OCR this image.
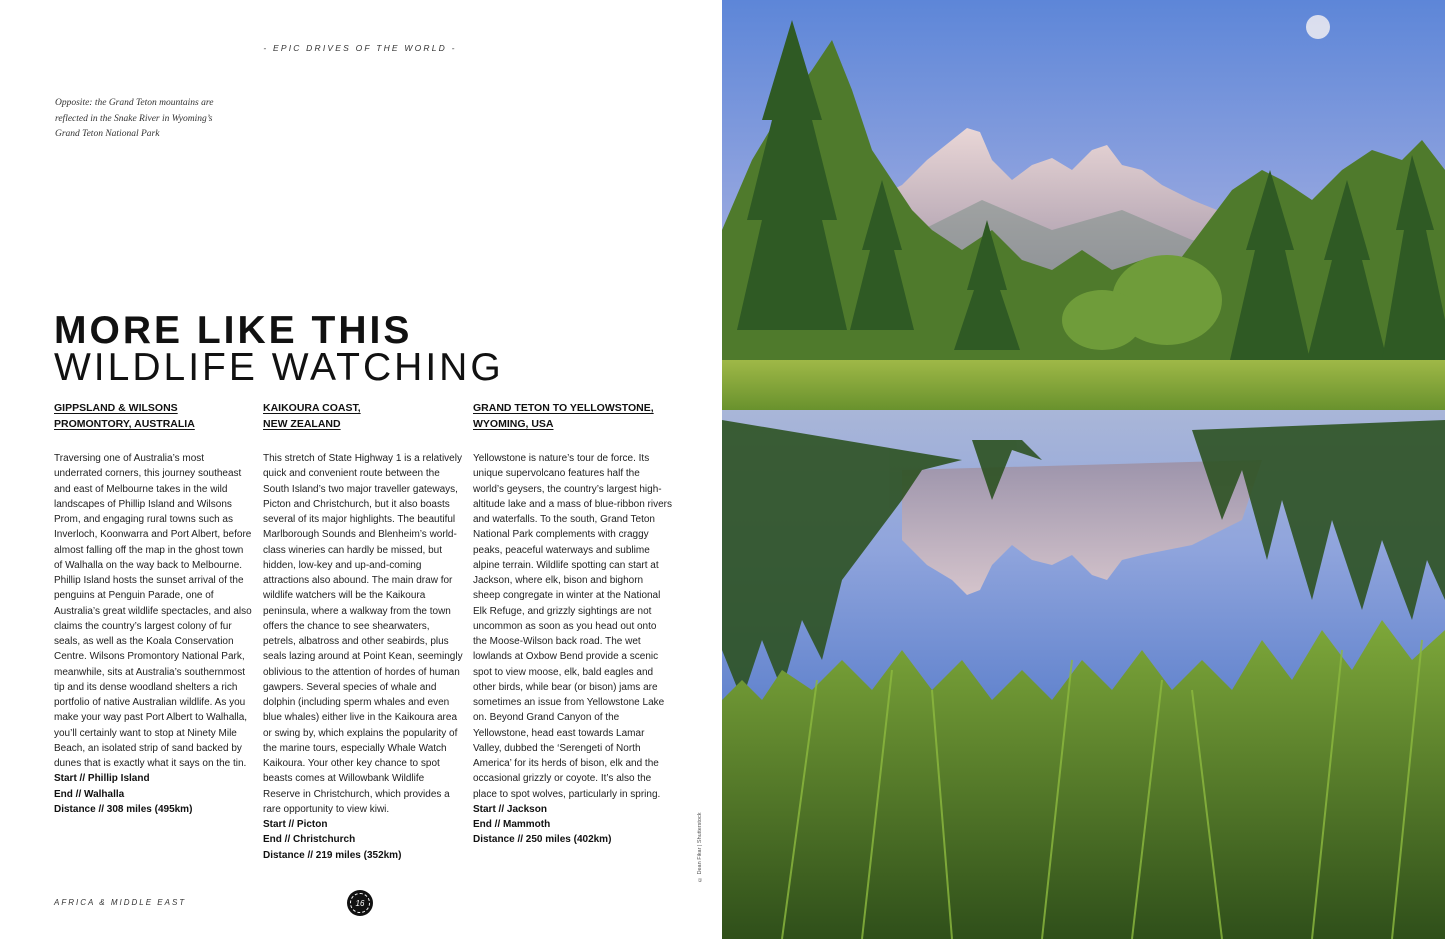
- EPIC DRIVES OF THE WORLD -
Opposite: the Grand Teton mountains are reflected in the Snake River in Wyoming’s Grand Teton National Park
MORE LIKE THIS
WILDLIFE WATCHING
GIPPSLAND & WILSONS
PROMONTORY, AUSTRALIA

Traversing one of Australia’s most underrated corners, this journey southeast and east of Melbourne takes in the wild landscapes of Phillip Island and Wilsons Prom, and engaging rural towns such as Inverloch, Koonwarra and Port Albert, before almost falling off the map in the ghost town of Walhalla on the way back to Melbourne. Phillip Island hosts the sunset arrival of the penguins at Penguin Parade, one of Australia’s great wildlife spectacles, and also claims the country’s largest colony of fur seals, as well as the Koala Conservation Centre. Wilsons Promontory National Park, meanwhile, sits at Australia’s southernmost tip and its dense woodland shelters a rich portfolio of native Australian wildlife. As you make your way past Port Albert to Walhalla, you’ll certainly want to stop at Ninety Mile Beach, an isolated strip of sand backed by dunes that is exactly what it says on the tin.

Start // Phillip Island

End // Walhalla

Distance // 308 miles (495km)

KAIKOURA COAST,
NEW ZEALAND

This stretch of State Highway 1 is a relatively quick and convenient route between the South Island’s two major traveller gateways, Picton and Christchurch, but it also boasts several of its major highlights. The beautiful Marlborough Sounds and Blenheim’s world-class wineries can hardly be missed, but hidden, low-key and up-and-coming attractions also abound. The main draw for wildlife watchers will be the Kaikoura peninsula, where a walkway from the town offers the chance to see shearwaters, petrels, albatross and other seabirds, plus seals lazing around at Point Kean, seemingly oblivious to the attention of hordes of human gawpers. Several species of whale and dolphin (including sperm whales and even blue whales) either live in the Kaikoura area or swing by, which explains the popularity of the marine tours, especially Whale Watch Kaikoura. Your other key chance to spot beasts comes at Willowbank Wildlife Reserve in Christchurch, which provides a rare opportunity to view kiwi.

Start // Picton

End // Christchurch

Distance // 219 miles (352km)

GRAND TETON TO YELLOWSTONE,
WYOMING, USA

Yellowstone is nature’s tour de force. Its unique supervolcano features half the world’s geysers, the country’s largest high-altitude lake and a mass of blue-ribbon rivers and waterfalls. To the south, Grand Teton National Park complements with craggy peaks, peaceful waterways and sublime alpine terrain. Wildlife spotting can start at Jackson, where elk, bison and bighorn sheep congregate in winter at the National Elk Refuge, and grizzly sightings are not uncommon as soon as you head out onto the Moose-Wilson back road. The wet lowlands at Oxbow Bend provide a scenic spot to view moose, elk, bald eagles and other birds, while bear (or bison) jams are sometimes an issue from Yellowstone Lake on. Beyond Grand Canyon of the Yellowstone, head east towards Lamar Valley, dubbed the ‘Serengeti of North America’ for its herds of bison, elk and the occasional grizzly or coyote. It’s also the place to spot wolves, particularly in spring.

Start // Jackson

End // Mammoth

Distance // 250 miles (402km)

AFRICA & MIDDLE EAST	16
© Dean Fikar | Shutterstock
